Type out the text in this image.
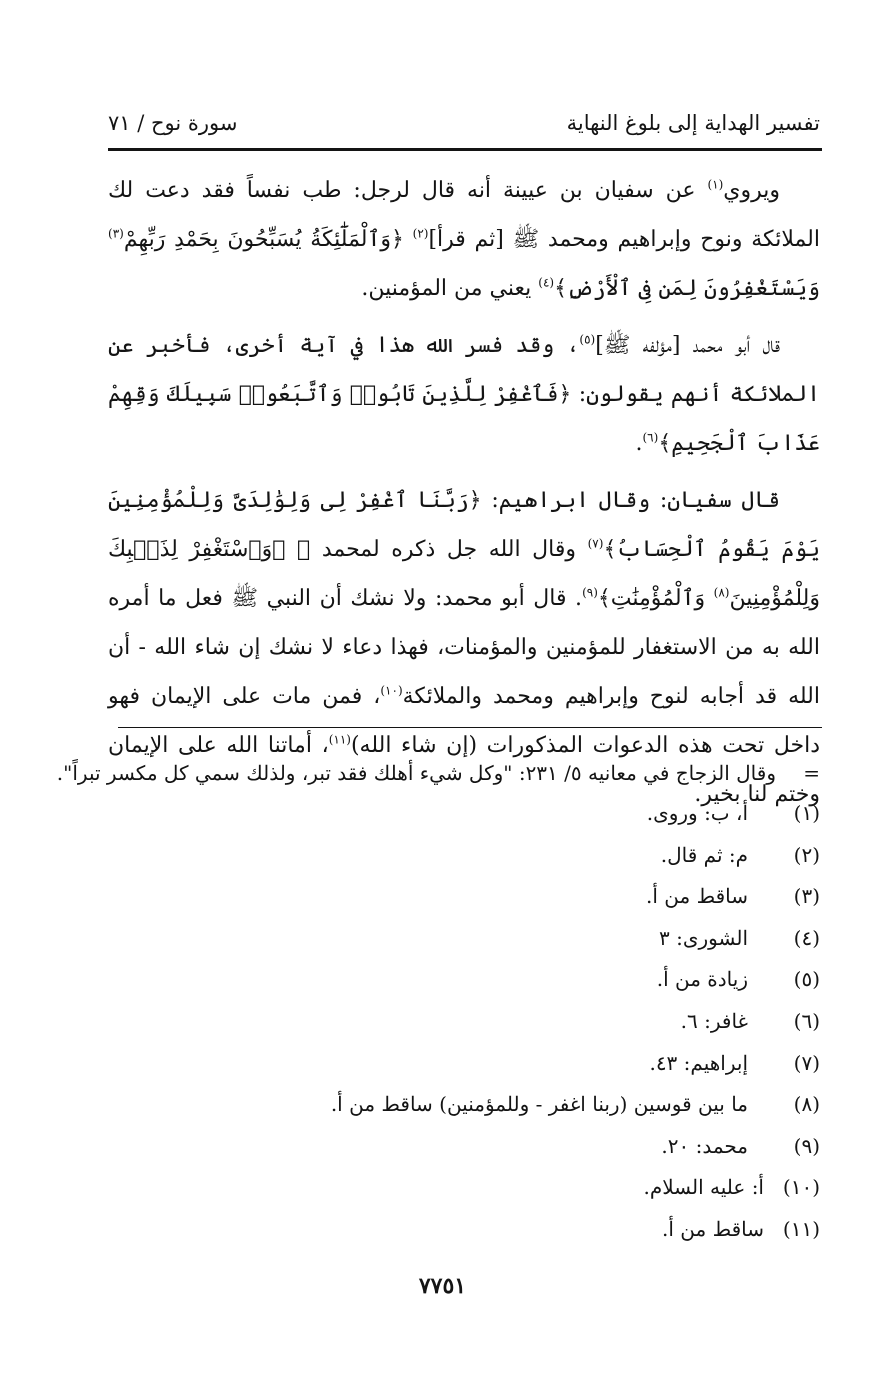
تفسير الهداية إلى بلوغ النهاية
سورة نوح / ٧١

ويروي$^{(١)}$ عن سفيان بن عيينة أنه قال لرجل: طب نفساً فقد دعت لك الملائكة ونوح وإبراهيم ومحمد ﷺ [ثم قرأ]$^{(٢)}$ ﴿وَٱلْمَلَٰٓئِكَةُ يُسَبِّحُونَ بِحَمْدِ رَبِّهِمْ$^{(٣)}$ وَيَسْتَغْفِرُونَ لِمَن فِى ٱلْأَرْضِ﴾$^{(٤)}$ يعني من المؤمنين.

قال أبو محمد [مؤلفه ﷺ]$^{(٥)}$، وقد فسر الله هذا في آية أخرى، فأخبر عن الملائكة أنهم يقولون: ﴿فَٱغْفِرْ لِلَّذِينَ تَابُوا۟ وَٱتَّبَعُوا۟ سَبِيلَكَ وَقِهِمْ عَذَابَ ٱلْجَحِيمِ﴾$^{(٦)}$.

قال سفيان: وقال ابراهيم: ﴿رَبَّنَا ٱغْفِرْ لِى وَلِوَٰلِدَىَّ وَلِلْمُؤْمِنِينَ يَوْمَ يَقُومُ ٱلْحِسَابُ﴾$^{(٧)}$ وقال الله جل ذكره لمحمد ﷺ ﴿وَٱسْتَغْفِرْ لِذَنۢبِكَ وَلِلْمُؤْمِنِينَ$^{(٨)}$ وَٱلْمُؤْمِنَٰتِ﴾$^{(٩)}$. قال أبو محمد: ولا نشك أن النبي ﷺ فعل ما أمره الله به من الاستغفار للمؤمنين والمؤمنات، فهذا دعاء لا نشك إن شاء الله - أن الله قد أجابه لنوح وإبراهيم ومحمد والملائكة$^{(١٠)}$، فمن مات على الإيمان فهو داخل تحت هذه الدعوات المذكورات (إن شاء الله)$^{(١١)}$، أماتنا الله على الإيمان وختم لنا بخير.

=
وقال الزجاج في معانيه ٥/ ٢٣١: "وكل شيء أهلك فقد تبر، ولذلك سمي كل مكسر تبراً".
(١)
أ، ب: وروى.
(٢)
م: ثم قال.
(٣)
ساقط من أ.
(٤)
الشورى: ٣
(٥)
زيادة من أ.
(٦)
غافر: ٦.
(٧)
إبراهيم: ٤٣.
(٨)
ما بين قوسين (ربنا اغفر - وللمؤمنين) ساقط من أ.
(٩)
محمد: ٢٠.
(١٠)
أ: عليه السلام.
(١١)
ساقط من أ.
٧٧٥١
